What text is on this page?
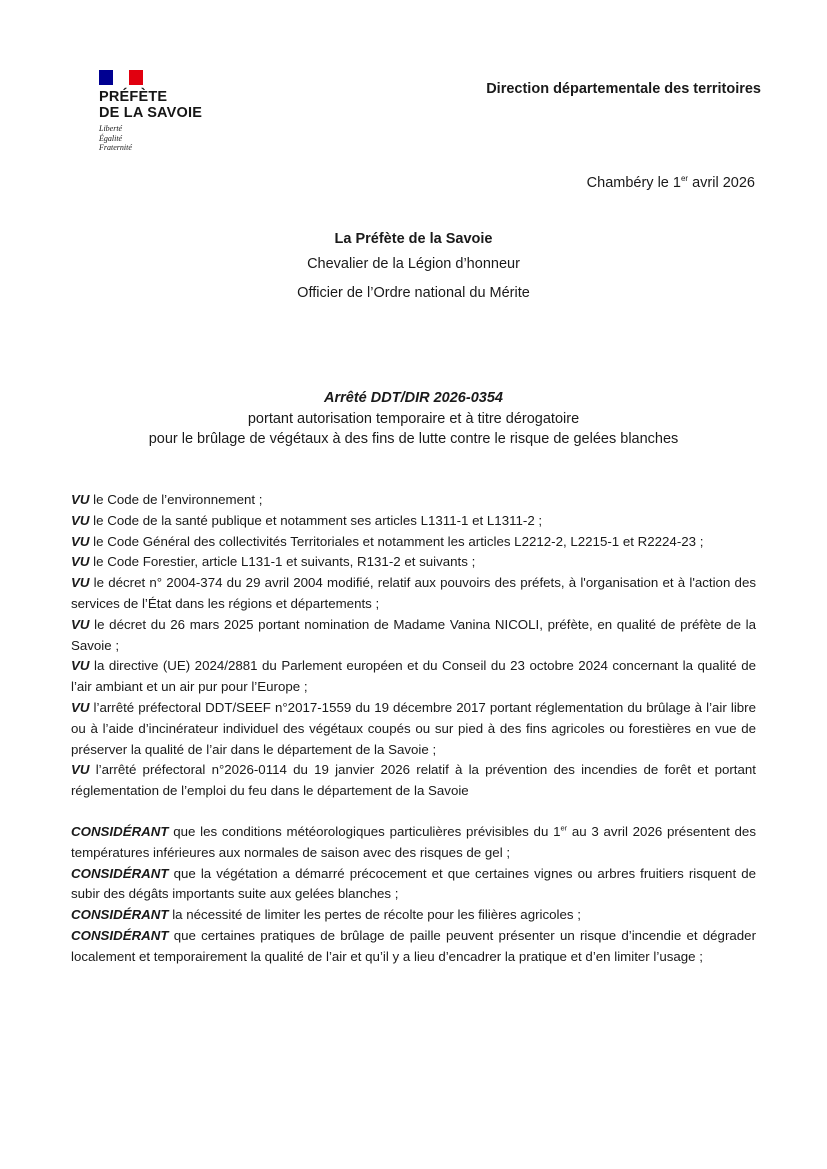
PRÉFÈTE
DE LA SAVOIE
Liberté
Égalité
Fraternité
Direction départementale des territoires
Chambéry le 1er avril 2026
La Préfète de la Savoie
Chevalier de la Légion d’honneur
Officier de l’Ordre national du Mérite
Arrêté DDT/DIR 2026-0354
portant autorisation temporaire et à titre dérogatoire
pour le brûlage de végétaux à des fins de lutte contre le risque de gelées blanches

VU le Code de l’environnement ;

VU le Code de la santé publique et notamment ses articles L1311-1 et L1311-2 ;

VU le Code Général des collectivités Territoriales et notamment les articles L2212-2, L2215-1 et R2224-23 ;

VU le Code Forestier, article L131-1 et suivants, R131-2 et suivants ;

VU le décret n° 2004-374 du 29 avril 2004 modifié, relatif aux pouvoirs des préfets, à l'organisation et à l'action des services de l’État dans les régions et départements ;

VU le décret du 26 mars 2025 portant nomination de Madame Vanina NICOLI, préfète, en qualité de préfète de la Savoie ;

VU la directive (UE) 2024/2881 du Parlement européen et du Conseil du 23 octobre 2024 concernant la qualité de l’air ambiant et un air pur pour l’Europe ;

VU l’arrêté préfectoral DDT/SEEF n°2017-1559 du 19 décembre 2017 portant réglementation du brûlage à l’air libre ou à l’aide d’incinérateur individuel des végétaux coupés ou sur pied à des fins agricoles ou forestières en vue de préserver la qualité de l’air dans le département de la Savoie ;

VU l’arrêté préfectoral n°2026-0114 du 19 janvier 2026 relatif à la prévention des incendies de forêt et portant réglementation de l’emploi du feu dans le département de la Savoie

CONSIDÉRANT que les conditions météorologiques particulières prévisibles du 1er au 3 avril 2026 présentent des températures inférieures aux normales de saison avec des risques de gel ;

CONSIDÉRANT que la végétation a démarré précocement et que certaines vignes ou arbres fruitiers risquent de subir des dégâts importants suite aux gelées blanches ;

CONSIDÉRANT la nécessité de limiter les pertes de récolte pour les filières agricoles ;

CONSIDÉRANT que certaines pratiques de brûlage de paille peuvent présenter un risque d’incendie et dégrader localement et temporairement la qualité de l’air et qu’il y a lieu d’encadrer la pratique et d’en limiter l’usage ;
